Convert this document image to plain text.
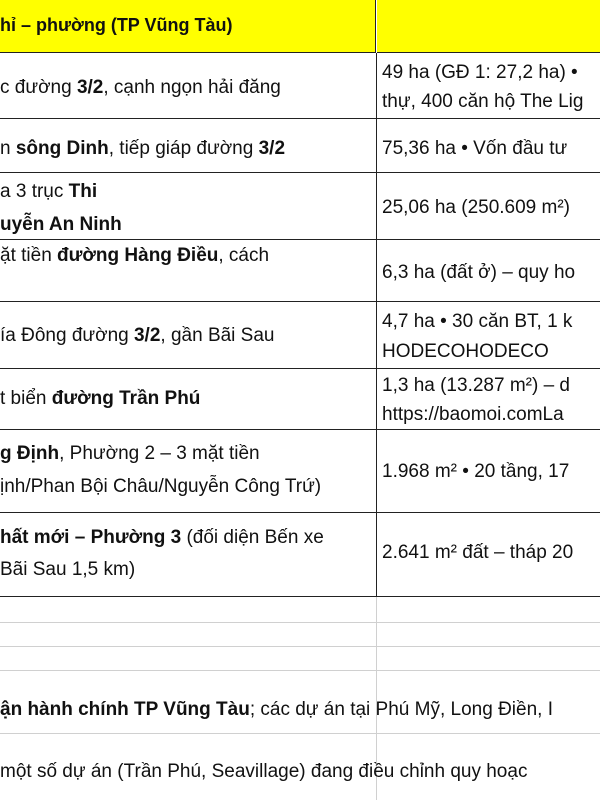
hỉ – phường (TP Vũng Tàu)
c đường 3/2, cạnh ngọn hải đăng
49 ha (GĐ 1: 27,2 ha) •
thự, 400 căn hộ The Lig
n sông Dinh, tiếp giáp đường 3/2	75,36 ha • Vốn đầu tư
a 3 trục Thi
uyễn An Ninh
25,06 ha (250.609 m²)
ặt tiền đường Hàng Điều, cách
6,3 ha (đất ở) – quy ho
ía Đông đường 3/2, gần Bãi Sau
4,7 ha • 30 căn BT, 1 k
HODECOHODECO
t biển đường Trần Phú
1,3 ha (13.287 m²) – d
https://baomoi.comLa
g Định, Phường 2 – 3 mặt tiền
ịnh/Phan Bội Châu/Nguyễn Công Trứ)
1.968 m² • 20 tầng, 17
hất mới – Phường 3 (đối diện Bến xe
Bãi Sau 1,5 km)
2.641 m² đất – tháp 20
ận hành chính TP Vũng Tàu; các dự án tại Phú Mỹ, Long Điền, I
một số dự án (Trần Phú, Seavillage) đang điều chỉnh quy hoạc
